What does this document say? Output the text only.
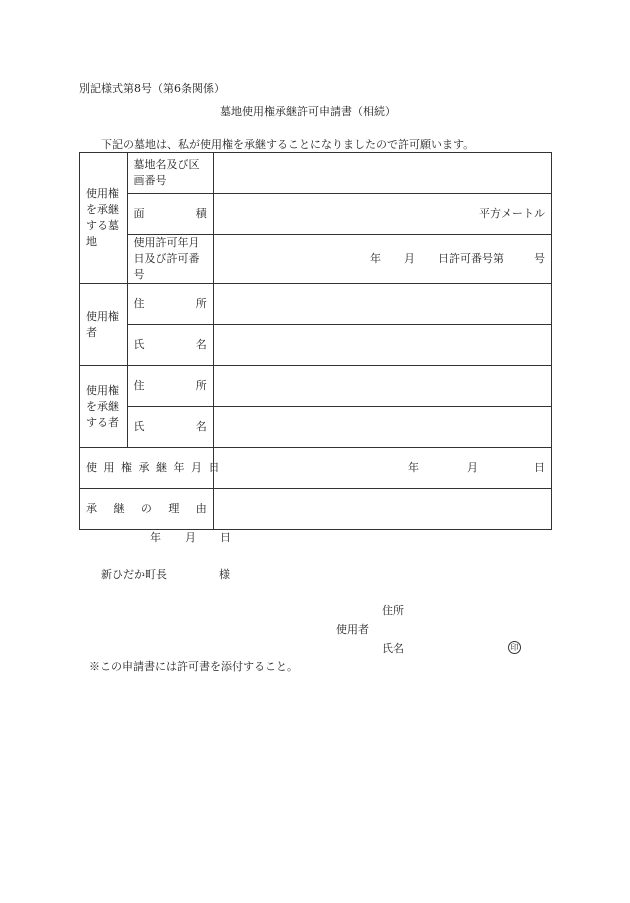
別記様式第8号（第6条関係）
墓地使用権承継許可申請書（相続）
下記の墓地は、私が使用権を承継することになりましたので許可願います。
使用権を承継する墓地	墓地名及び区画番号	

	面 積	平方メートル
	使用許可年月日及び許可番号	年 月 日許可番号第 号

使用権者	住 所	

	氏 名	

使用権を承継する者	住 所	

	氏 名	

使用権承継年月日		年 月 日

承 継 の 理 由		

年 月 日
新ひだか町長	様
住所
使用者
氏名	印
※この申請書には許可書を添付すること。
